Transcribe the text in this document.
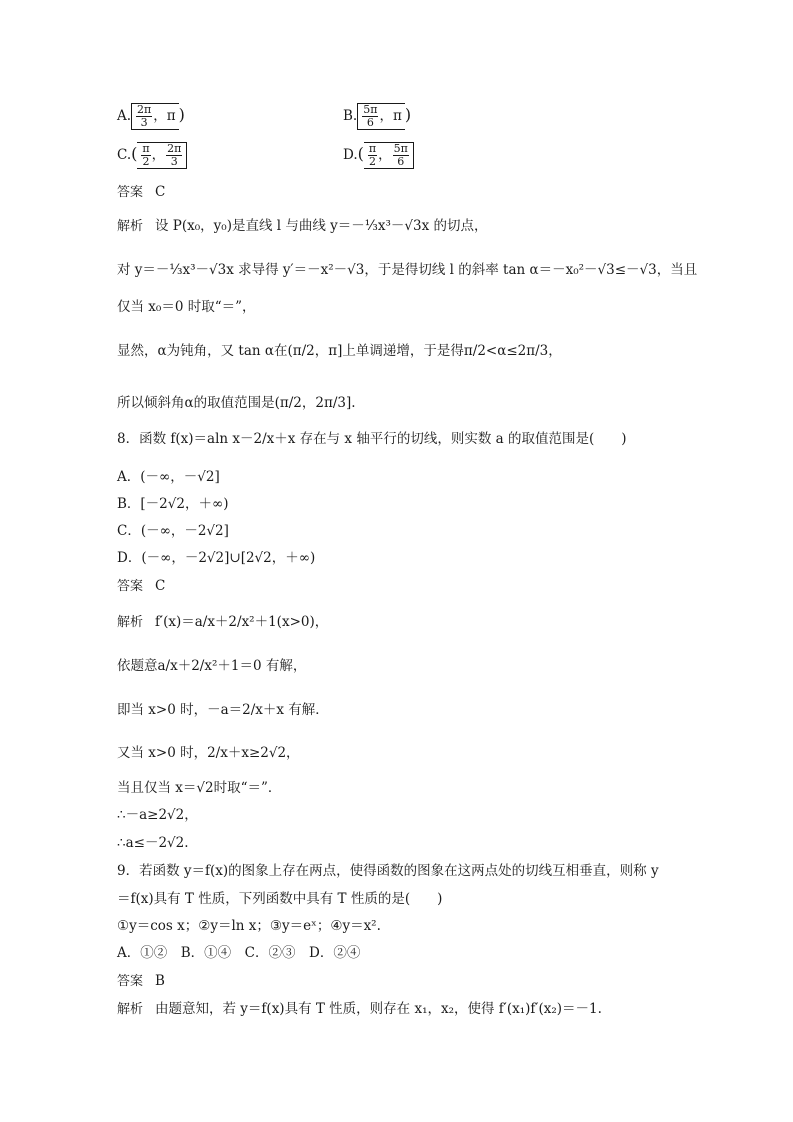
A. $\frac{2\pi}{3}$ ，π )	B. $\frac{5\pi}{6}$ ，π )
$C.( \frac{\pi}{2}$ ， $\frac{2\pi}{3}$	$D.( \frac{\pi}{2}$ ， $\frac{5\pi}{6}$
答案 C
解析 设 P(x₀，y₀)是直线 l 与曲线 y＝－⅓x³－√3x 的切点，
对 y＝－⅓x³－√3x 求导得 y′＝－x²－√3，于是得切线 l 的斜率 tan α＝－x₀²－√3≤－√3，当且
仅当 x₀＝0 时取“＝”，
显然，α为钝角，又 tan α在(π/2，π]上单调递增，于是得π/2<α≤2π/3，
所以倾斜角α的取值范围是(π/2，2π/3].
8．函数 f(x)＝aln x－2/x＋x 存在与 x 轴平行的切线，则实数 a 的取值范围是(　　)
A．(－∞，－√2]
B．[－2√2，＋∞)
C．(－∞，－2√2]
D．(－∞，－2√2]∪[2√2，＋∞)
答案 C
解析 f′(x)＝a/x＋2/x²＋1(x>0)，
依题意a/x＋2/x²＋1＝0 有解，
即当 x>0 时，－a＝2/x＋x 有解．
又当 x>0 时，2/x＋x≥2√2，
当且仅当 x＝√2时取“＝”．
∴－a≥2√2，
∴a≤－2√2.
9．若函数 y＝f(x)的图象上存在两点，使得函数的图象在这两点处的切线互相垂直，则称 y
＝f(x)具有 T 性质，下列函数中具有 T 性质的是(　　)
①y＝cos x；②y＝ln x；③y＝eˣ；④y＝x².
A．①②　B．①④　C．②③　D．②④
答案 B
解析 由题意知，若 y＝f(x)具有 T 性质，则存在 x₁，x₂，使得 f′(x₁)f′(x₂)＝－1.
